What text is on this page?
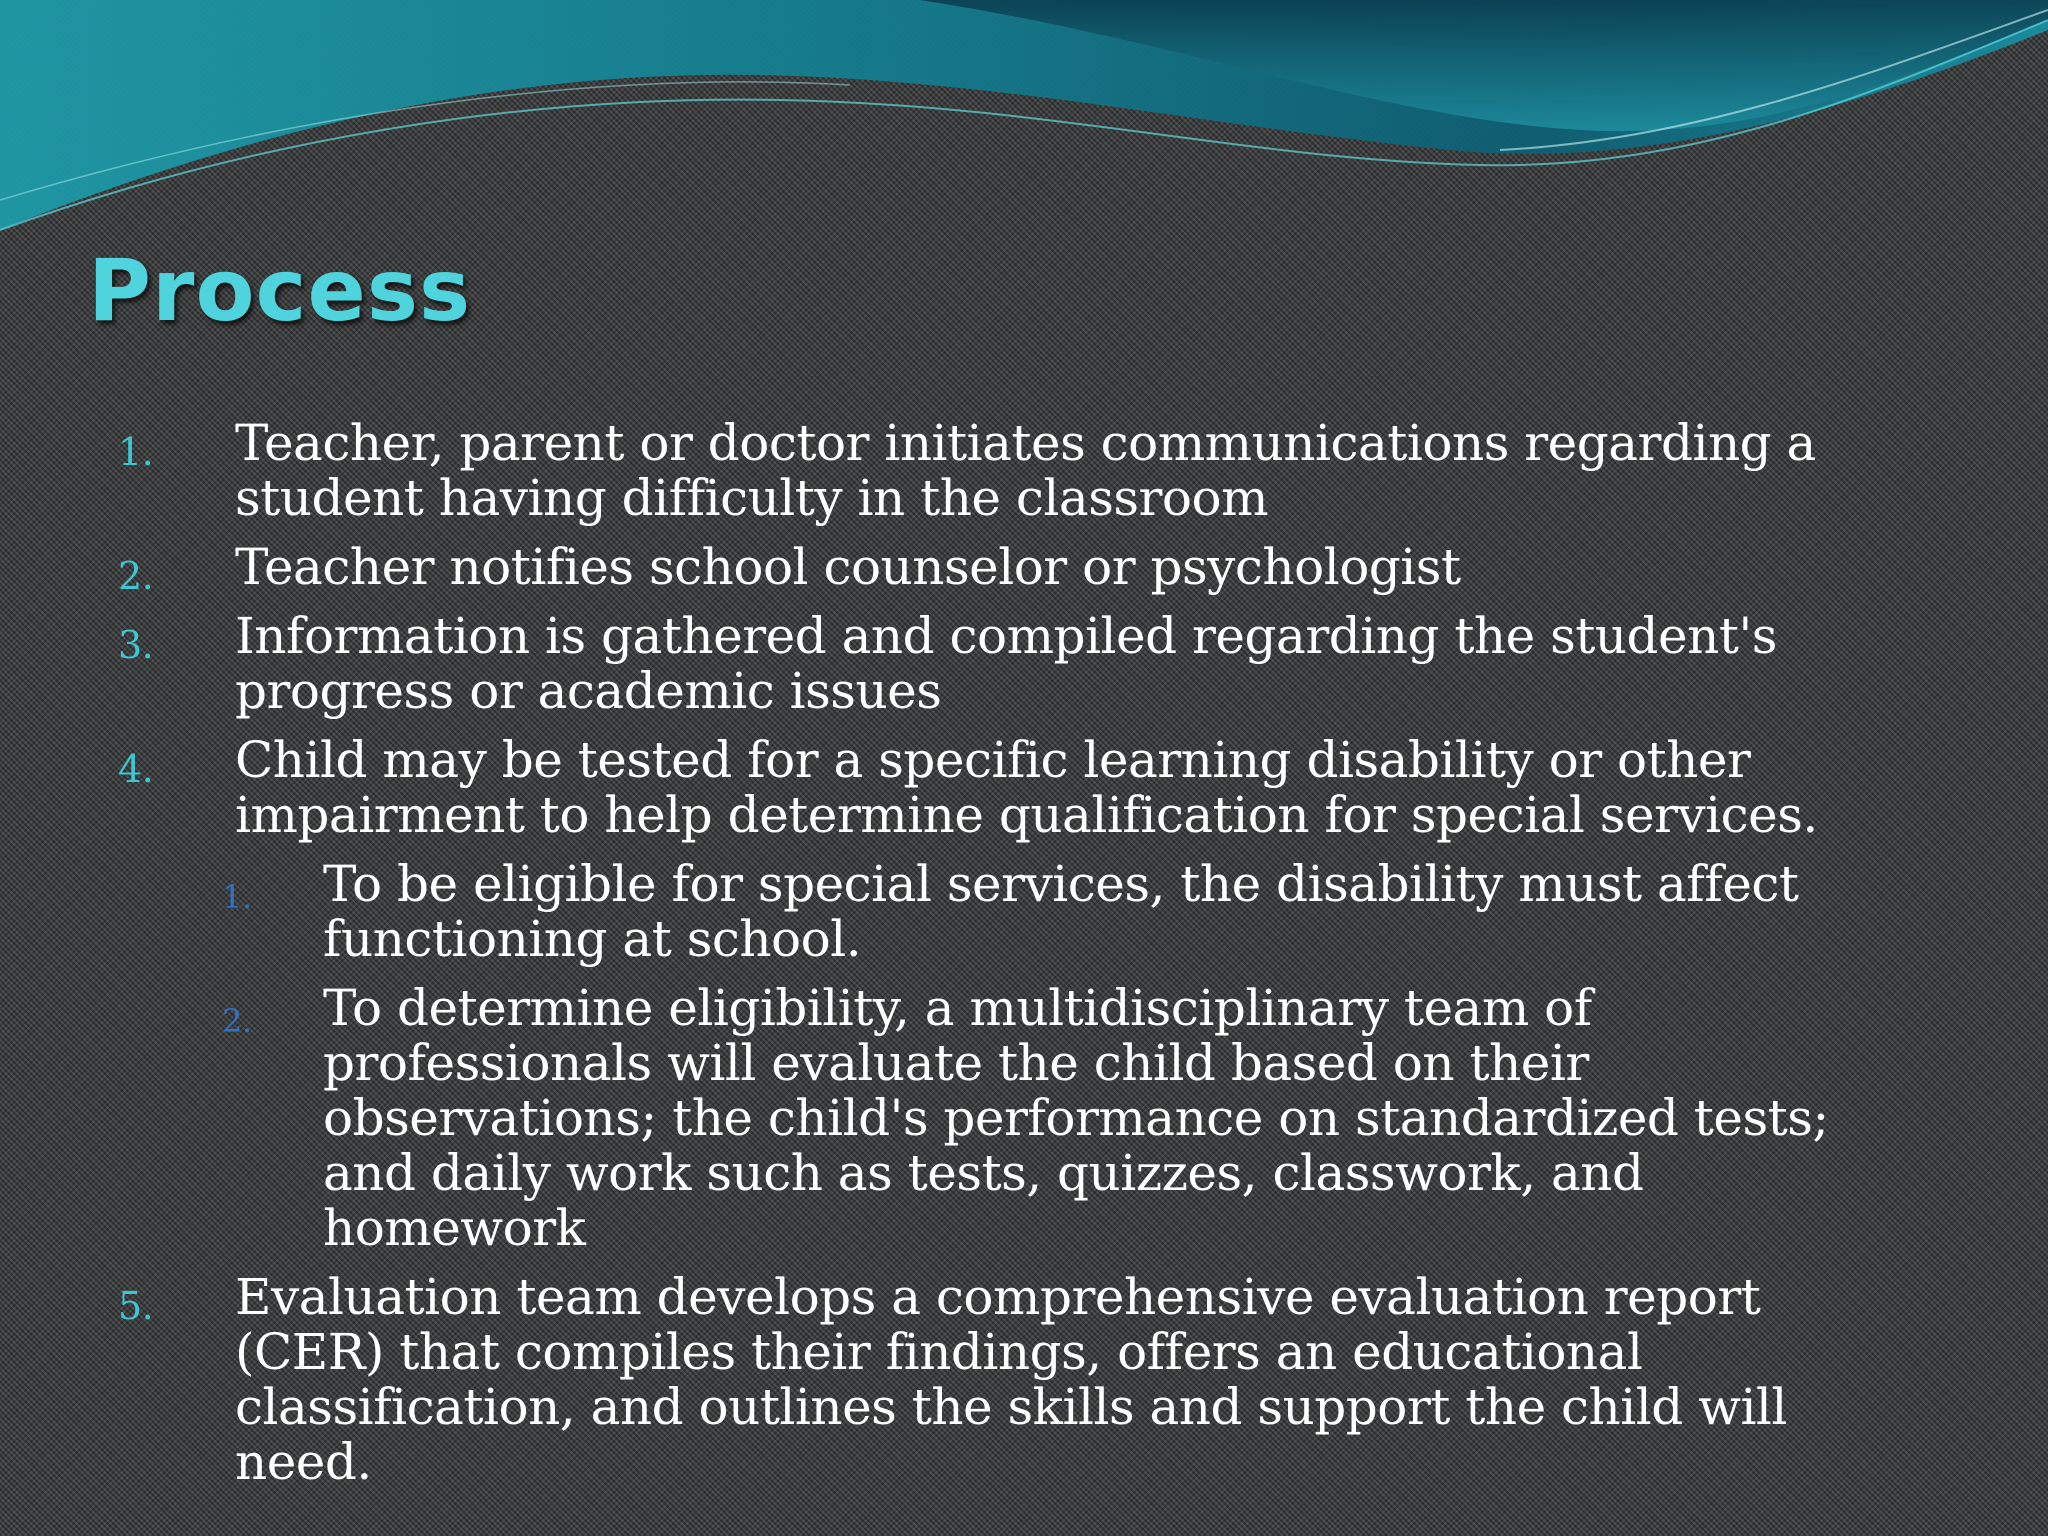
Process
1. Teacher, parent or doctor initiates communications regarding a student having difficulty in the classroom
2. Teacher notifies school counselor or psychologist
3. Information is gathered and compiled regarding the student's progress or academic issues
4. Child may be tested for a specific learning disability or other impairment to help determine qualification for special services.
1. To be eligible for special services, the disability must affect functioning at school.
2. To determine eligibility, a multidisciplinary team of professionals will evaluate the child based on their observations; the child's performance on standardized tests; and daily work such as tests, quizzes, classwork, and homework
5. Evaluation team develops a comprehensive evaluation report (CER) that compiles their findings, offers an educational classification, and outlines the skills and support the child will need.
